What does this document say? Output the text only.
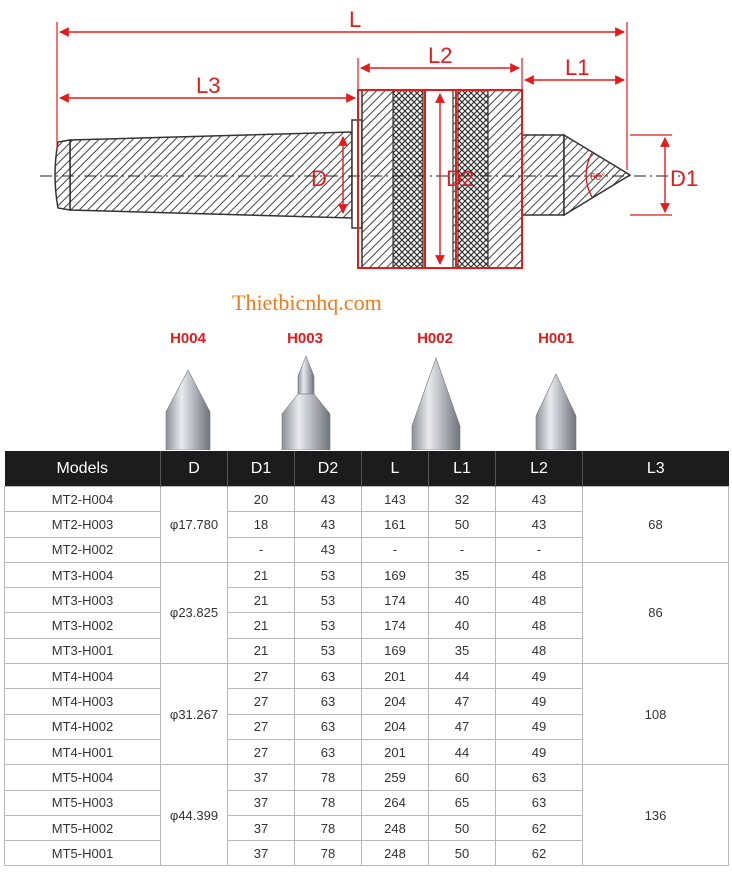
L
L2	L1
L3
D	D2	D1
60°
Thietbicnhq.com
H004	H003	H002	H001
Models	D	D1	D2	L	L1	L2	L3
MT2-H004	φ17.780	20	43	143	32	43	68
MT2-H003		18	43	161	50	43	
MT2-H002		-	43	-	-	-	
MT3-H004	φ23.825	21	53	169	35	48	86
MT3-H003		21	53	174	40	48	
MT3-H002		21	53	174	40	48	
MT3-H001		21	53	169	35	48	
MT4-H004	φ31.267	27	63	201	44	49	108
MT4-H003		27	63	204	47	49	
MT4-H002		27	63	204	47	49	
MT4-H001		27	63	201	44	49	
MT5-H004	φ44.399	37	78	259	60	63	136
MT5-H003		37	78	264	65	63	
MT5-H002		37	78	248	50	62	
MT5-H001		37	78	248	50	62	
